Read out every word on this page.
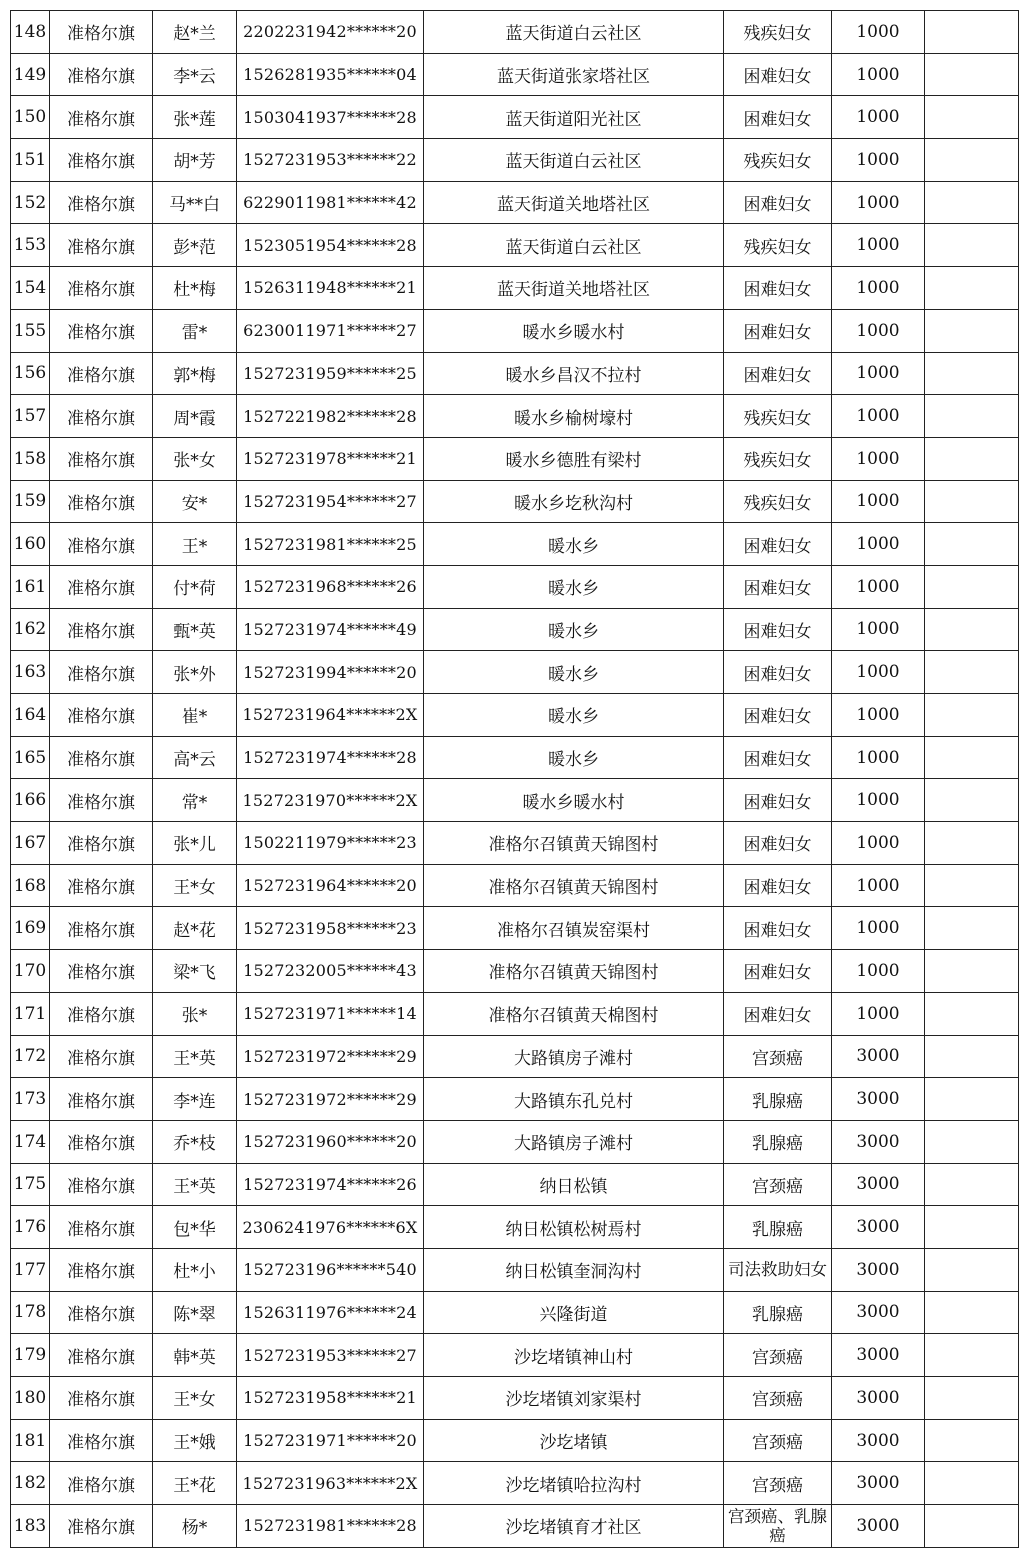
148	准格尔旗	赵*兰	2202231942******20	蓝天街道白云社区	残疾妇女	1000	
149	准格尔旗	李*云	1526281935******04	蓝天街道张家塔社区	困难妇女	1000	
150	准格尔旗	张*莲	1503041937******28	蓝天街道阳光社区	困难妇女	1000	
151	准格尔旗	胡*芳	1527231953******22	蓝天街道白云社区	残疾妇女	1000	
152	准格尔旗	马**白	6229011981******42	蓝天街道关地塔社区	困难妇女	1000	
153	准格尔旗	彭*范	1523051954******28	蓝天街道白云社区	残疾妇女	1000	
154	准格尔旗	杜*梅	1526311948******21	蓝天街道关地塔社区	困难妇女	1000	
155	准格尔旗	雷*	6230011971******27	暖水乡暖水村	困难妇女	1000	
156	准格尔旗	郭*梅	1527231959******25	暖水乡昌汉不拉村	困难妇女	1000	
157	准格尔旗	周*霞	1527221982******28	暖水乡榆树壕村	残疾妇女	1000	
158	准格尔旗	张*女	1527231978******21	暖水乡德胜有梁村	残疾妇女	1000	
159	准格尔旗	安*	1527231954******27	暖水乡圪秋沟村	残疾妇女	1000	
160	准格尔旗	王*	1527231981******25	暖水乡	困难妇女	1000	
161	准格尔旗	付*荷	1527231968******26	暖水乡	困难妇女	1000	
162	准格尔旗	甄*英	1527231974******49	暖水乡	困难妇女	1000	
163	准格尔旗	张*外	1527231994******20	暖水乡	困难妇女	1000	
164	准格尔旗	崔*	1527231964******2X	暖水乡	困难妇女	1000	
165	准格尔旗	高*云	1527231974******28	暖水乡	困难妇女	1000	
166	准格尔旗	常*	1527231970******2X	暖水乡暖水村	困难妇女	1000	
167	准格尔旗	张*儿	1502211979******23	准格尔召镇黄天锦图村	困难妇女	1000	
168	准格尔旗	王*女	1527231964******20	准格尔召镇黄天锦图村	困难妇女	1000	
169	准格尔旗	赵*花	1527231958******23	准格尔召镇炭窑渠村	困难妇女	1000	
170	准格尔旗	梁*飞	1527232005******43	准格尔召镇黄天锦图村	困难妇女	1000	
171	准格尔旗	张*	1527231971******14	准格尔召镇黄天棉图村	困难妇女	1000	
172	准格尔旗	王*英	1527231972******29	大路镇房子滩村	宫颈癌	3000	
173	准格尔旗	李*连	1527231972******29	大路镇东孔兑村	乳腺癌	3000	
174	准格尔旗	乔*枝	1527231960******20	大路镇房子滩村	乳腺癌	3000	
175	准格尔旗	王*英	1527231974******26	纳日松镇	宫颈癌	3000	
176	准格尔旗	包*华	2306241976******6X	纳日松镇松树焉村	乳腺癌	3000	
177	准格尔旗	杜*小	152723196******540	纳日松镇奎洞沟村	司法救助妇女	3000	
178	准格尔旗	陈*翠	1526311976******24	兴隆街道	乳腺癌	3000	
179	准格尔旗	韩*英	1527231953******27	沙圪堵镇神山村	宫颈癌	3000	
180	准格尔旗	王*女	1527231958******21	沙圪堵镇刘家渠村	宫颈癌	3000	
181	准格尔旗	王*娥	1527231971******20	沙圪堵镇	宫颈癌	3000	
182	准格尔旗	王*花	1527231963******2X	沙圪堵镇哈拉沟村	宫颈癌	3000	
183	准格尔旗	杨*	1527231981******28	沙圪堵镇育才社区	宫颈癌、乳腺癌	3000	
